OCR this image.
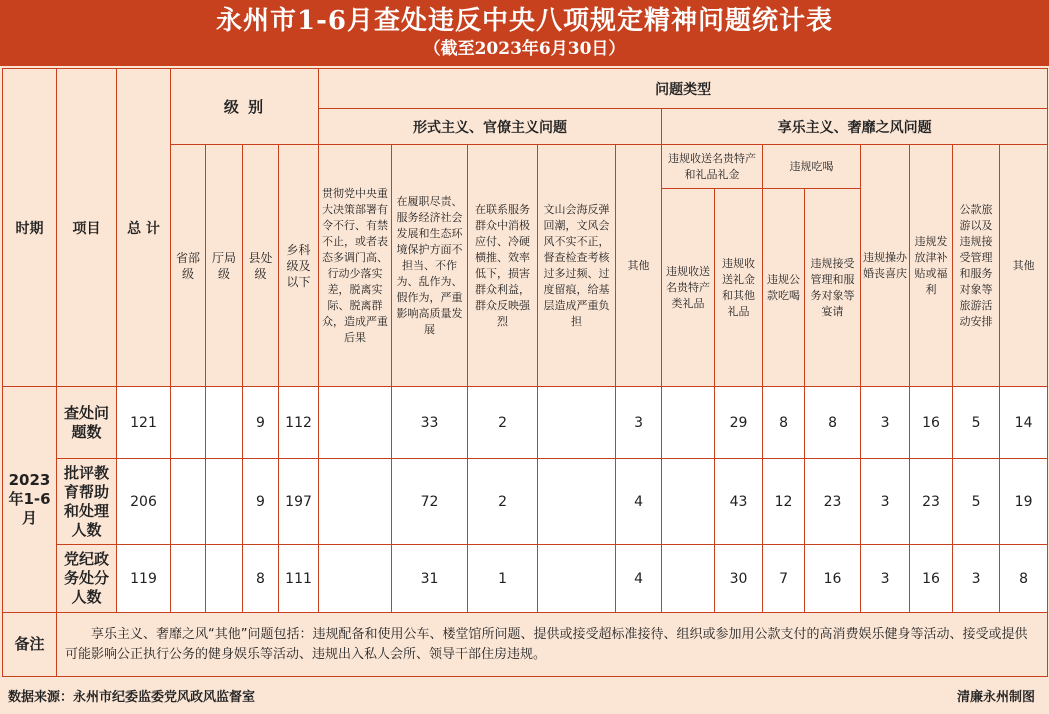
永州市1-6月查处违反中央八项规定精神问题统计表
（截至2023年6月30日）
时期	项目	总 计	级 别				问题类型												
							形式主义、官僚主义问题					享乐主义、奢靡之风问题							
			省部级	厅局级	县处级	乡科级及以下	贯彻党中央重大决策部署有令不行、有禁不止，或者表态多调门高、行动少落实差，脱离实际、脱离群众，造成严重后果	在履职尽责、服务经济社会发展和生态环境保护方面不担当、不作为、乱作为、假作为，严重影响高质量发展	在联系服务群众中消极应付、冷硬横推、效率低下，损害群众利益，群众反映强烈	文山会海反弹回潮，文风会风不实不正，督查检查考核过多过频、过度留痕，给基层造成严重负担	其他	违规收送名贵特产和礼品礼金		违规吃喝		违规操办婚丧喜庆	违规发放津补贴或福利	公款旅游以及违规接受管理和服务对象等旅游活动安排	其他
												违规收送名贵特产类礼品	违规收送礼金和其他礼品	违规公款吃喝	违规接受管理和服务对象等宴请				
2023年1-6月	查处问题数	121			9	112		33	2		3		29	8	8	3	16	5	14
	批评教育帮助和处理人数	206			9	197		72	2		4		43	12	23	3	23	5	19
	党纪政务处分人数	119			8	111		31	1		4		30	7	16	3	16	3	8
备注	享乐主义、奢靡之风“其他”问题包括：违规配备和使用公车、楼堂馆所问题、提供或接受超标准接待、组织或参加用公款支付的高消费娱乐健身等活动、接受或提供可能影响公正执行公务的健身娱乐等活动、违规出入私人会所、领导干部住房违规。																		
数据来源：永州市纪委监委党风政风监督室	清廉永州制图
